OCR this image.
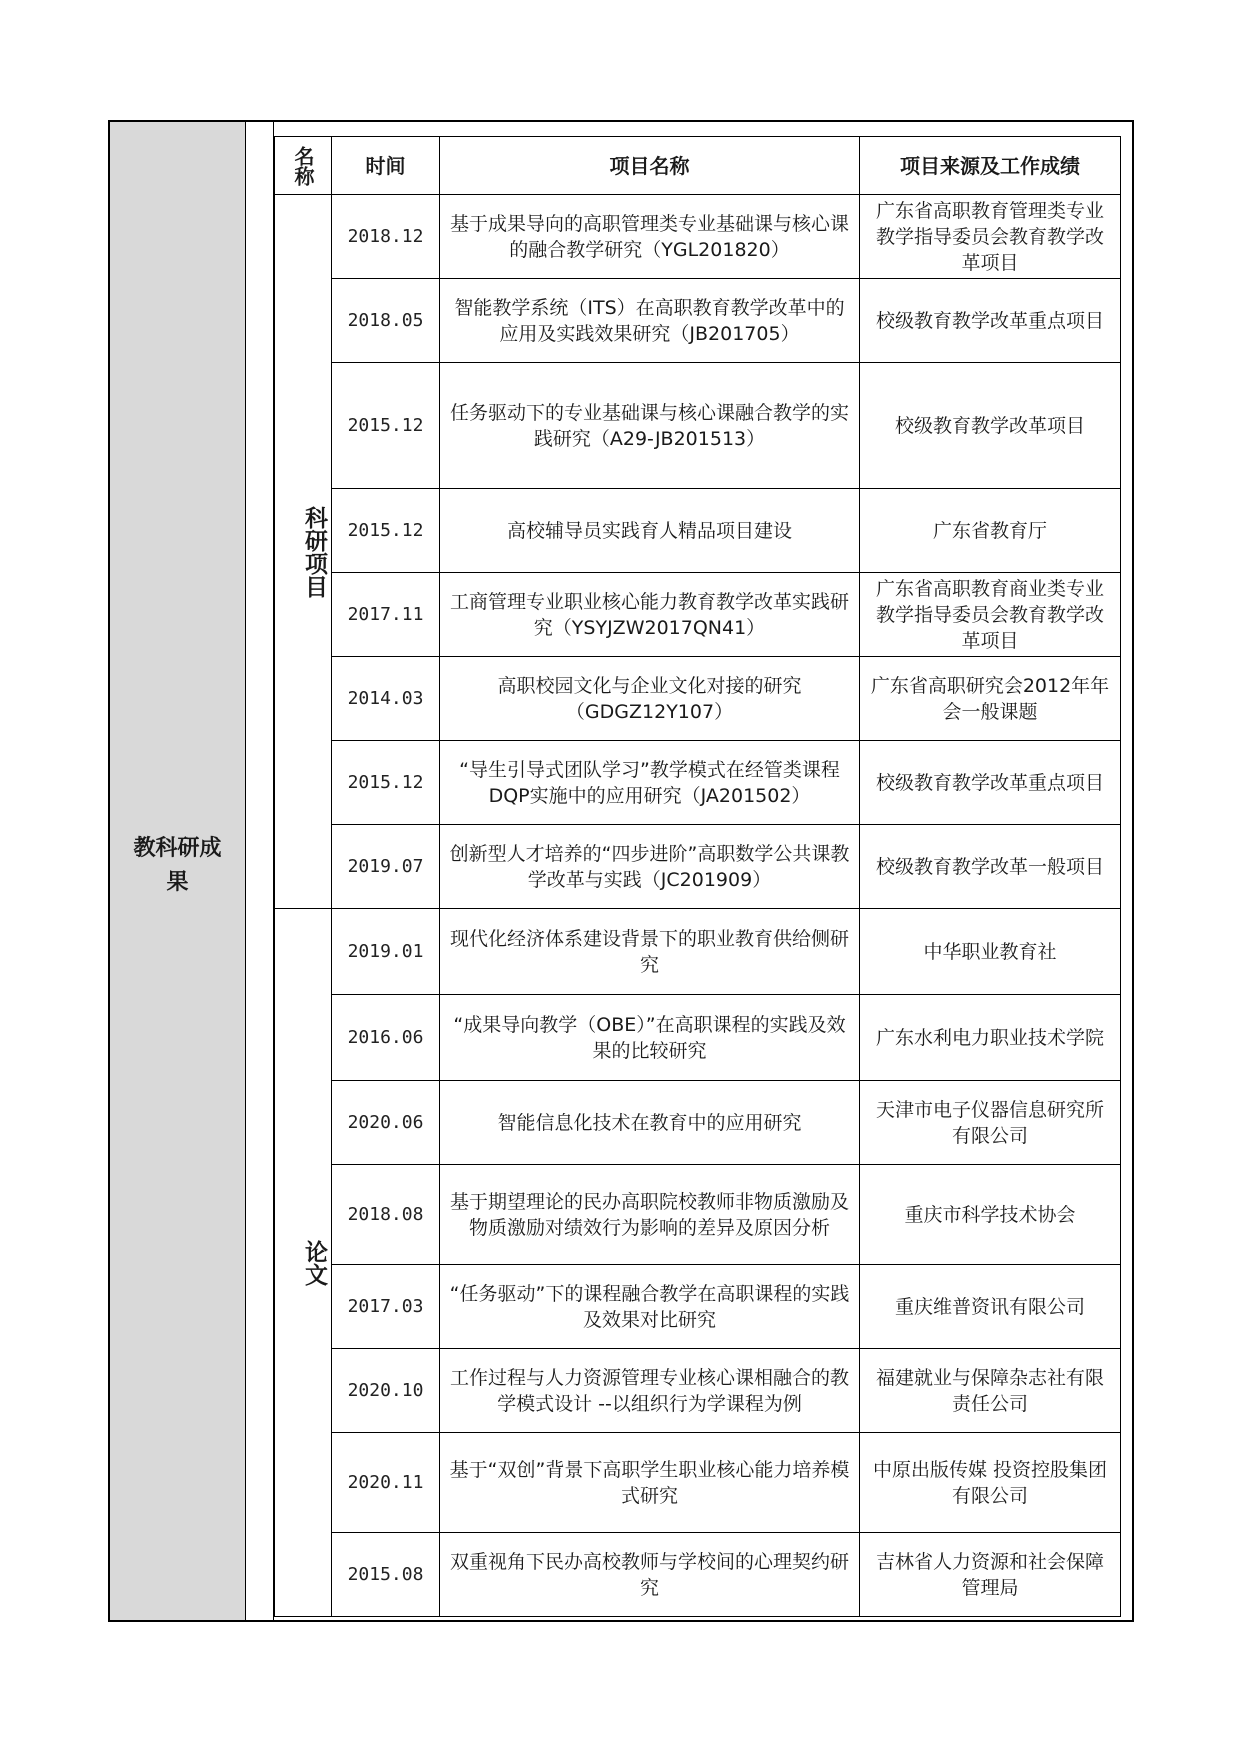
教科研成果
名称	时间	项目名称	项目来源及工作成绩
科研项目	2018.12	基于成果导向的高职管理类专业基础课与核心课的融合教学研究（YGL201820）	广东省高职教育管理类专业教学指导委员会教育教学改革项目
	2018.05	智能教学系统（ITS）在高职教育教学改革中的应用及实践效果研究（JB201705）	校级教育教学改革重点项目
	2015.12	任务驱动下的专业基础课与核心课融合教学的实践研究（A29-JB201513）	校级教育教学改革项目
	2015.12	高校辅导员实践育人精品项目建设	广东省教育厅
	2017.11	工商管理专业职业核心能力教育教学改革实践研究（YSYJZW2017QN41）	广东省高职教育商业类专业教学指导委员会教育教学改革项目
	2014.03	高职校园文化与企业文化对接的研究（GDGZ12Y107）	广东省高职研究会2012年年会一般课题
	2015.12	“导生引导式团队学习”教学模式在经管类课程DQP实施中的应用研究（JA201502）	校级教育教学改革重点项目
	2019.07	创新型人才培养的“四步进阶”高职数学公共课教学改革与实践（JC201909）	校级教育教学改革一般项目
论文	2019.01	现代化经济体系建设背景下的职业教育供给侧研究	中华职业教育社
	2016.06	“成果导向教学（OBE）”在高职课程的实践及效果的比较研究	广东水利电力职业技术学院
	2020.06	智能信息化技术在教育中的应用研究	天津市电子仪器信息研究所有限公司
	2018.08	基于期望理论的民办高职院校教师非物质激励及物质激励对绩效行为影响的差异及原因分析	重庆市科学技术协会
	2017.03	“任务驱动”下的课程融合教学在高职课程的实践及效果对比研究	重庆维普资讯有限公司
	2020.10	工作过程与人力资源管理专业核心课相融合的教学模式设计 --以组织行为学课程为例	福建就业与保障杂志社有限责任公司
	2020.11	基于“双创”背景下高职学生职业核心能力培养模式研究	中原出版传媒 投资控股集团 有限公司
	2015.08	双重视角下民办高校教师与学校间的心理契约研究	吉林省人力资源和社会保障管理局
